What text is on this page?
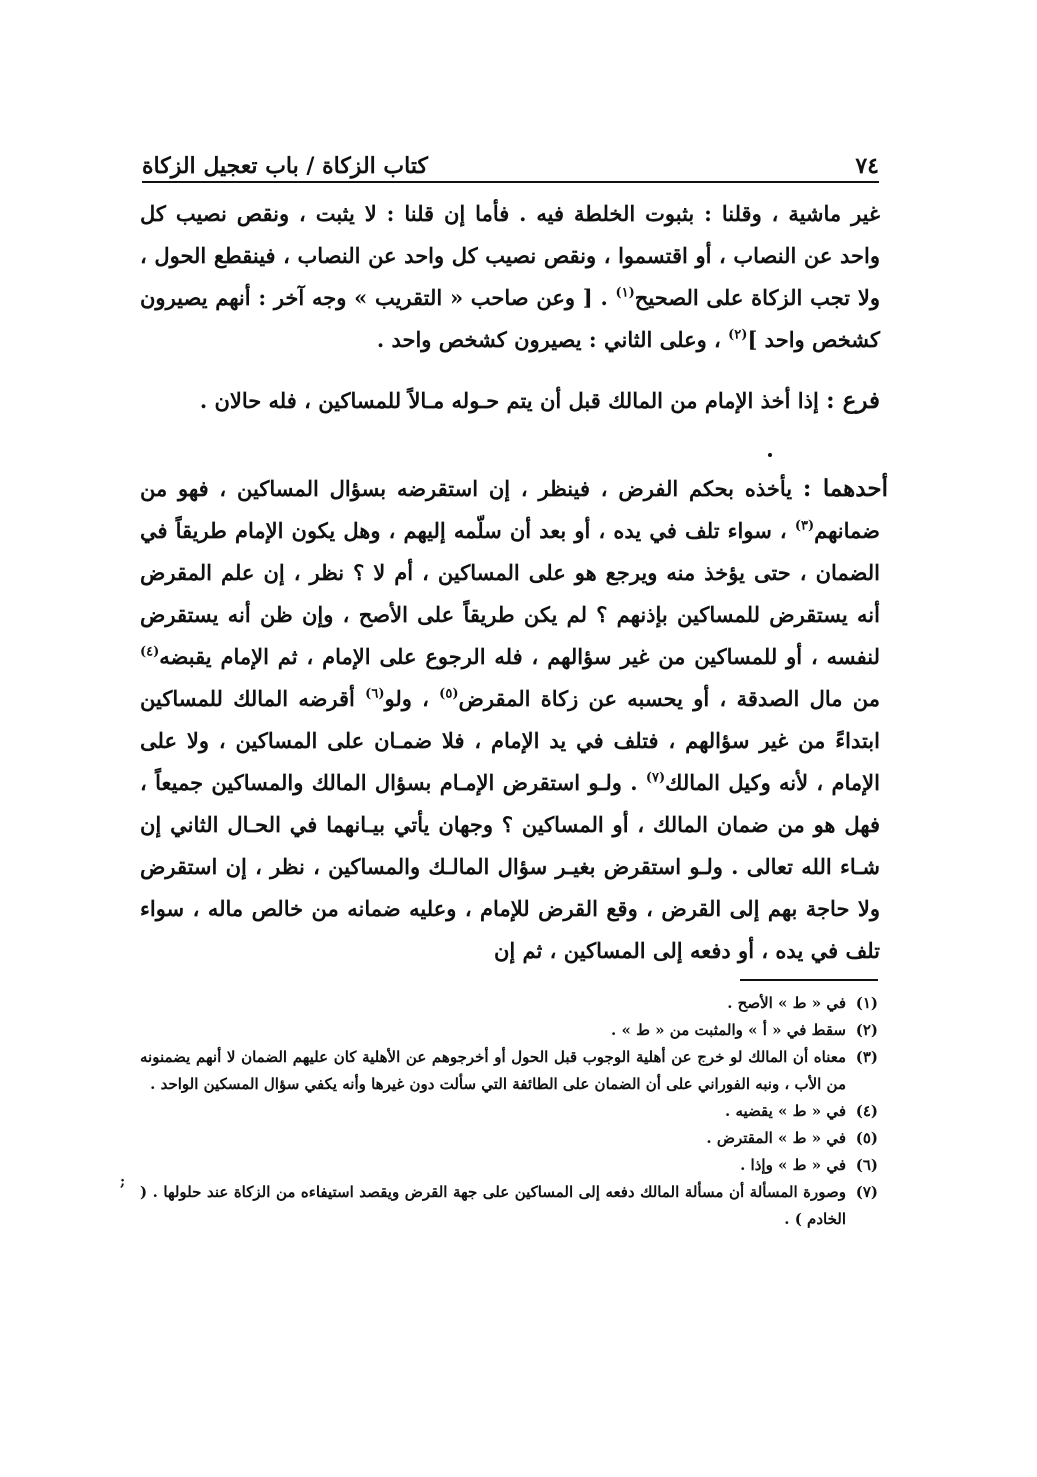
٧٤
كتاب الزكاة / باب تعجيل الزكاة
غير ماشية ، وقلنا : بثبوت الخلطة فيه . فأما إن قلنا : لا يثبت ، ونقص نصيب كل واحد عن النصاب ، أو اقتسموا ، ونقص نصيب كل واحد عن النصاب ، فينقطع الحول ، ولا تجب الزكاة على الصحيح$^{(١)}$ . [ وعن صاحب « التقريب » وجه آخر : أنهم يصيرون كشخص واحد ]$^{(٢)}$ ، وعلى الثاني : يصيرون كشخص واحد .
فرع : إذا أخذ الإمام من المالك قبل أن يتم حـوله مـالاً للمساكين ، فله حالان .
أحدهما : يأخذه بحكم الفرض ، فينظر ، إن استقرضه بسؤال المساكين ، فهو من ضمانهم$^{(٣)}$ ، سواء تلف في يده ، أو بعد أن سلّمه إليهم ، وهل يكون الإمام طريقاً في الضمان ، حتى يؤخذ منه ويرجع هو على المساكين ، أم لا ؟ نظر ، إن علم المقرض أنه يستقرض للمساكين بإذنهم ؟ لم يكن طريقاً على الأصح ، وإن ظن أنه يستقرض لنفسه ، أو للمساكين من غير سؤالهم ، فله الرجوع على الإمام ، ثم الإمام يقبضه$^{(٤)}$ من مال الصدقة ، أو يحسبه عن زكاة المقرض$^{(٥)}$ ، ولو$^{(٦)}$ أقرضه المالك للمساكين ابتداءً من غير سؤالهم ، فتلف في يد الإمام ، فلا ضمـان على المساكين ، ولا على الإمام ، لأنه وكيل المالك$^{(٧)}$ . ولـو استقرض الإمـام بسؤال المالك والمساكين جميعاً ، فهل هو من ضمان المالك ، أو المساكين ؟ وجهان يأتي بيـانهما في الحـال الثاني إن شـاء الله تعالى . ولـو استقرض بغيـر سؤال المالـك والمساكين ، نظر ، إن استقرض ولا حاجة بهم إلى القرض ، وقع القرض للإمام ، وعليه ضمانه من خالص ماله ، سواء تلف في يده ، أو دفعه إلى المساكين ، ثم إن
(١)
في « ط » الأصح .
(٢)
سقط في « أ » والمثبت من « ط » .
(٣)
معناه أن المالك لو خرج عن أهلية الوجوب قبل الحول أو أخرجوهم عن الأهلية كان عليهم الضمان لا أنهم يضمنونه من الأب ، ونبه الفوراني على أن الضمان على الطائفة التي سألت دون غيرها وأنه يكفي سؤال المسكين الواحد .
(٤)
في « ط » يقضيه .
(٥)
في « ط » المقترض .
(٦)
في « ط » وإذا .
(٧)
وصورة المسألة أن مسألة المالك دفعه إلى المساكين على جهة القرض ويقصد استيفاءه من الزكاة عند حلولها . ( الخادم ) .
;
